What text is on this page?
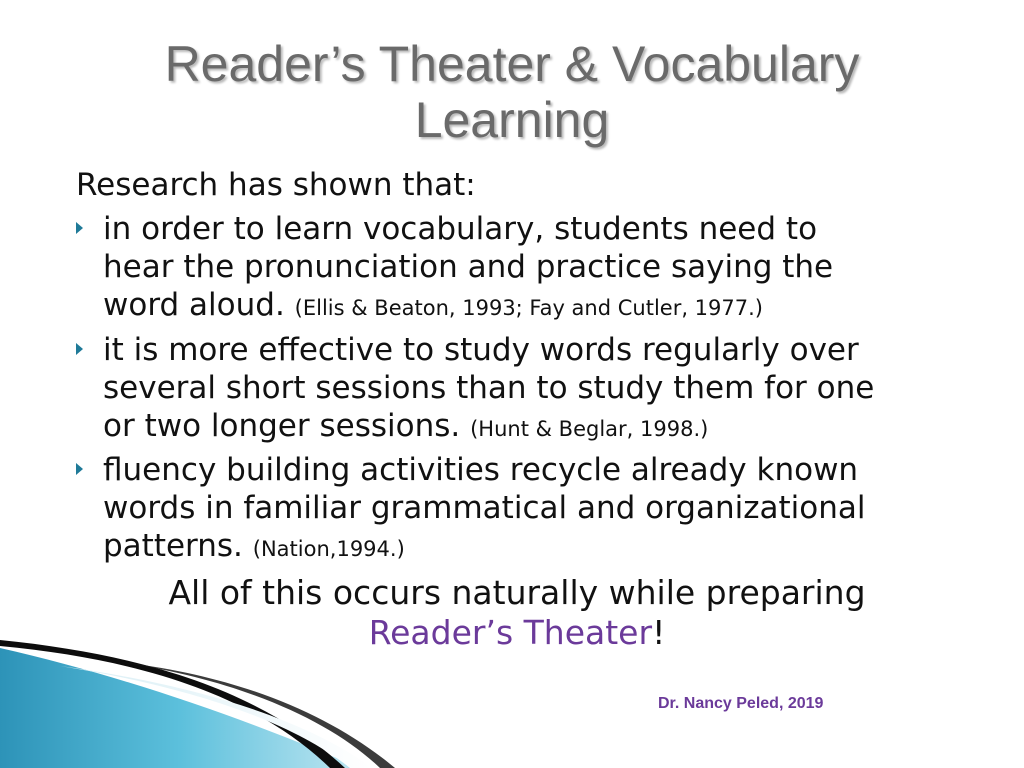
Reader’s Theater & Vocabulary
Learning
Research has shown that:
in order to learn vocabulary, students need to
hear the pronunciation and practice saying the
word aloud. (Ellis & Beaton, 1993; Fay and Cutler, 1977.)
it is more effective to study words regularly over
several short sessions than to study them for one
or two longer sessions. (Hunt & Beglar, 1998.)
fluency building activities recycle already known
words in familiar grammatical and organizational
patterns. (Nation,1994.)
All of this occurs naturally while preparing
Reader’s Theater!
Dr. Nancy Peled, 2019
